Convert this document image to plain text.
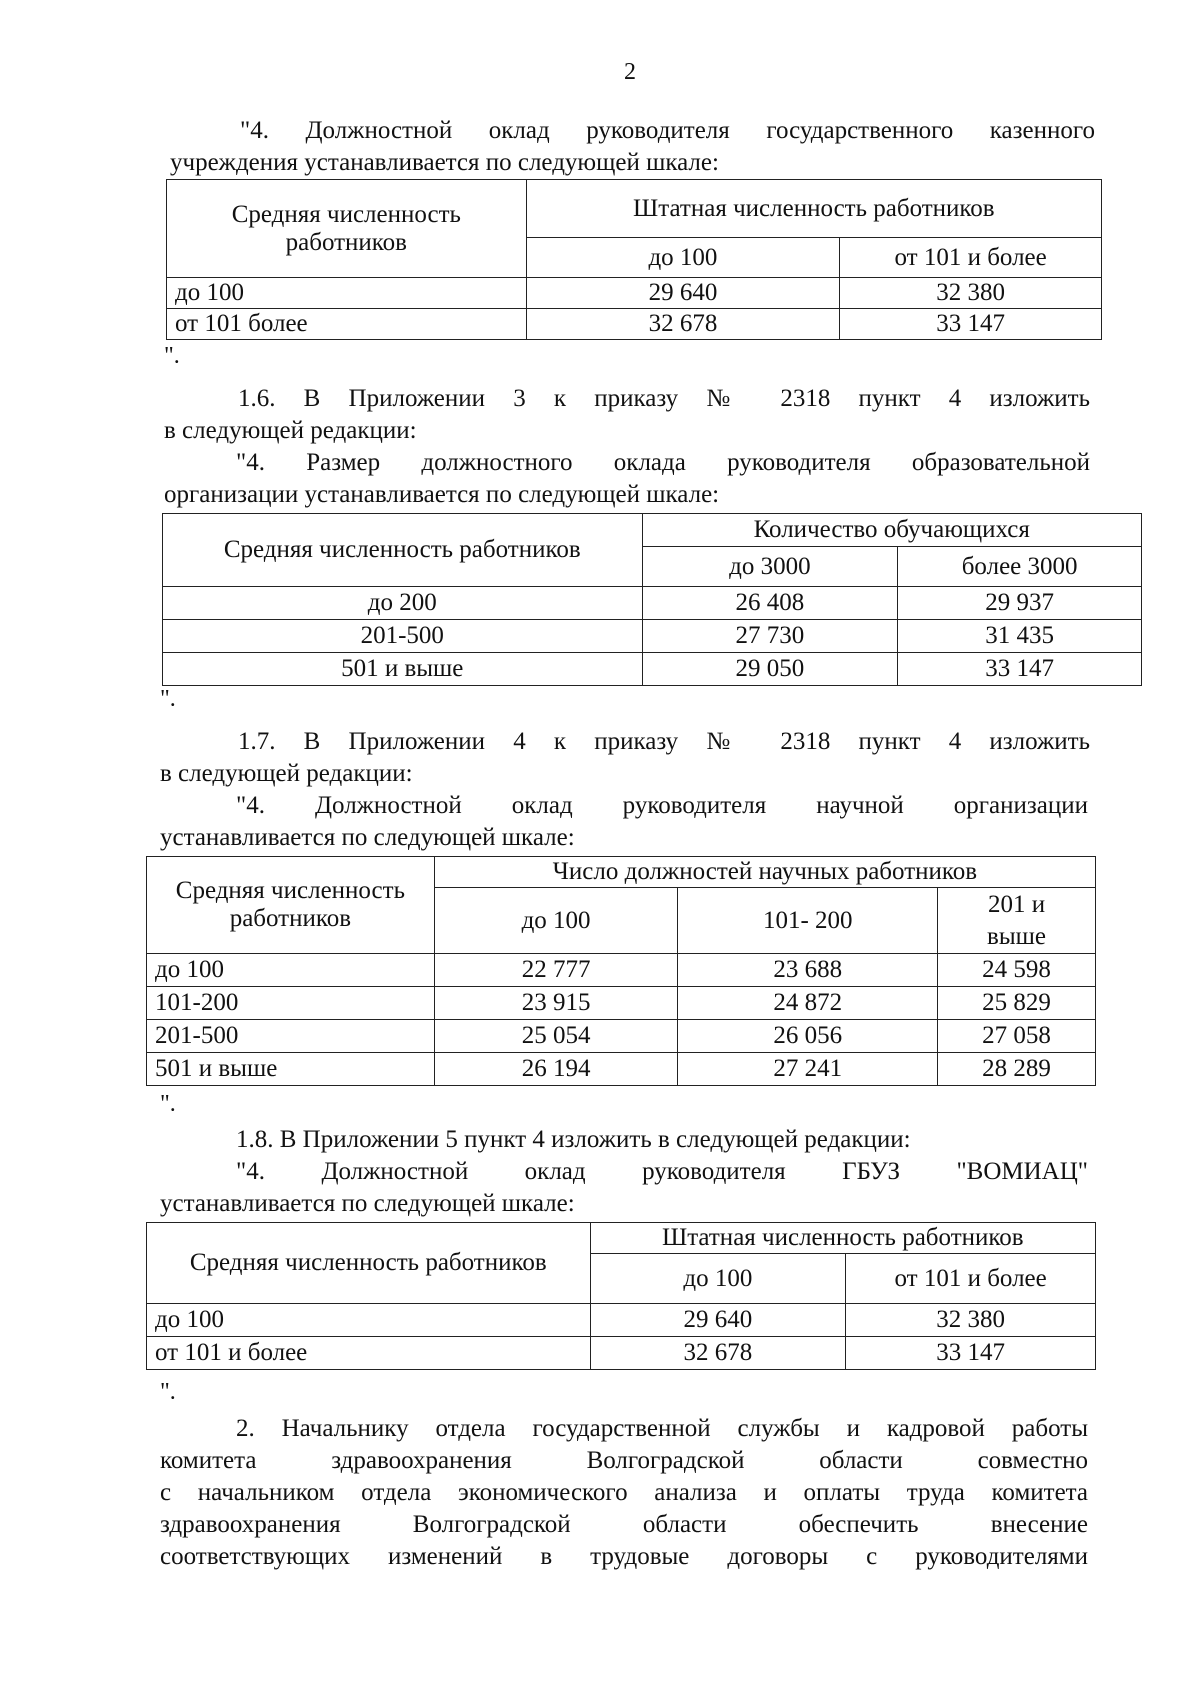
2
"4. Должностной оклад руководителя государственного казенного
учреждения устанавливается по следующей шкале:
Средняя численность работников	Штатная численность работников	
	до 100	от 101 и более
до 100	29 640	32 380
от 101 более	32 678	33 147
".
1.6. В Приложении 3 к приказу № 2318 пункт 4 изложить
в следующей редакции:
"4. Размер должностного оклада руководителя образовательной
организации устанавливается по следующей шкале:
Средняя численность работников	Количество обучающихся	
	до 3000	более 3000
до 200	26 408	29 937
201-500	27 730	31 435
501 и выше	29 050	33 147
".
1.7. В Приложении 4 к приказу № 2318 пункт 4 изложить
в следующей редакции:
"4. Должностной оклад руководителя научной организации
устанавливается по следующей шкале:
Средняя численность работников	Число должностей научных работников		
	до 100	101- 200	201 и выше
до 100	22 777	23 688	24 598
101-200	23 915	24 872	25 829
201-500	25 054	26 056	27 058
501 и выше	26 194	27 241	28 289
".
1.8. В Приложении 5 пункт 4 изложить в следующей редакции:
"4. Должностной оклад руководителя ГБУЗ "ВОМИАЦ"
устанавливается по следующей шкале:
Средняя численность работников	Штатная численность работников	
	до 100	от 101 и более
до 100	29 640	32 380
от 101 и более	32 678	33 147
".
2. Начальнику отдела государственной службы и кадровой работы
комитета здравоохранения Волгоградской области совместно
с начальником отдела экономического анализа и оплаты труда комитета
здравоохранения Волгоградской области обеспечить внесение
соответствующих изменений в трудовые договоры с руководителями
